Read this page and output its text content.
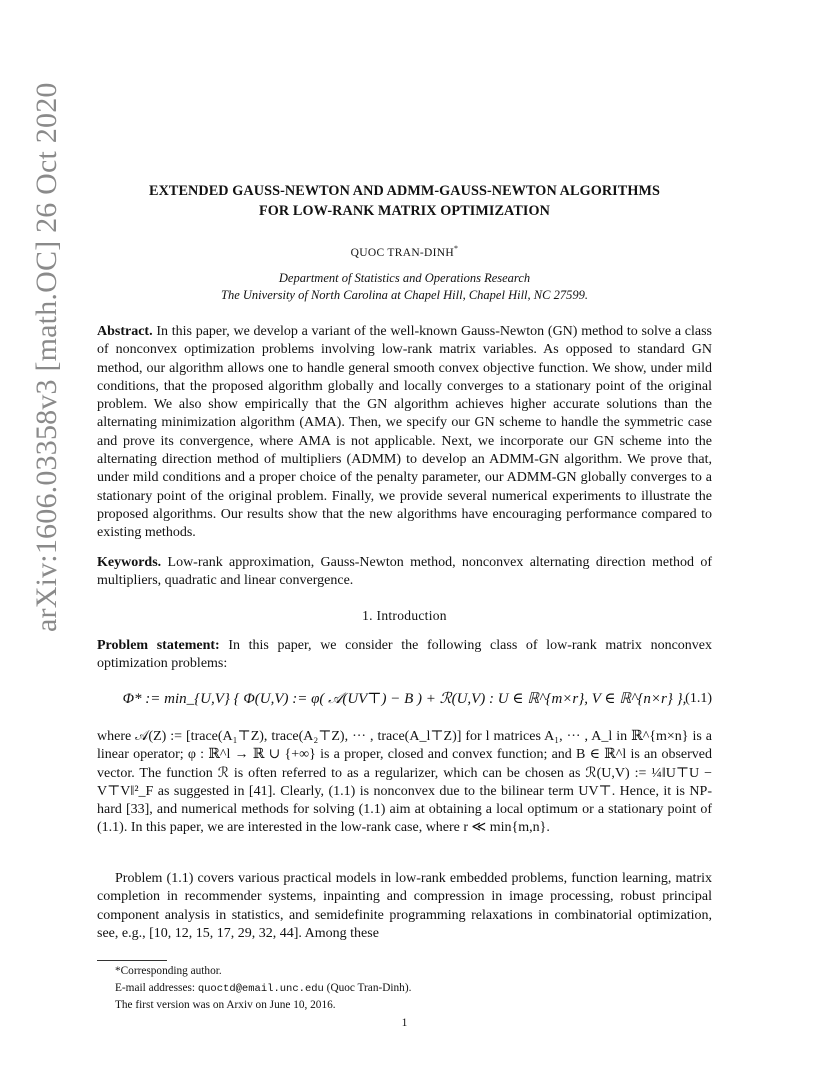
arXiv:1606.03358v3 [math.OC] 26 Oct 2020	EXTENDED GAUSS-NEWTON AND ADMM-GAUSS-NEWTON ALGORITHMS
FOR LOW-RANK MATRIX OPTIMIZATION
QUOC TRAN-DINH*
Department of Statistics and Operations Research
The University of North Carolina at Chapel Hill, Chapel Hill, NC 27599.

Abstract. In this paper, we develop a variant of the well-known Gauss-Newton (GN) method to solve a class of nonconvex optimization problems involving low-rank matrix variables. As opposed to standard GN method, our algorithm allows one to handle general smooth convex objective function. We show, under mild conditions, that the proposed algorithm globally and locally converges to a stationary point of the original problem. We also show empirically that the GN algorithm achieves higher accurate solutions than the alternating minimization algorithm (AMA). Then, we specify our GN scheme to handle the symmetric case and prove its convergence, where AMA is not applicable. Next, we incorporate our GN scheme into the alternating direction method of multipliers (ADMM) to develop an ADMM-GN algorithm. We prove that, under mild conditions and a proper choice of the penalty parameter, our ADMM-GN globally converges to a stationary point of the original problem. Finally, we provide several numerical experiments to illustrate the proposed algorithms. Our results show that the new algorithms have encouraging performance compared to existing methods.

Keywords. Low-rank approximation, Gauss-Newton method, nonconvex alternating direction method of multipliers, quadratic and linear convergence.

1. Introduction

Problem statement: In this paper, we consider the following class of low-rank matrix nonconvex optimization problems:

Φ* := min_{U,V} { Φ(U,V) := φ( 𝒜(UV⊤) − B ) + ℛ(U,V) : U ∈ ℝ^{m×r}, V ∈ ℝ^{n×r} },
(1.1)

where 𝒜(Z) := [trace(A₁⊤Z), trace(A₂⊤Z), ··· , trace(A_l⊤Z)] for l matrices A₁, ··· , A_l in ℝ^{m×n} is a linear operator; φ : ℝ^l → ℝ ∪ {+∞} is a proper, closed and convex function; and B ∈ ℝ^l is an observed vector. The function ℛ is often referred to as a regularizer, which can be chosen as ℛ(U,V) := ¼‖U⊤U − V⊤V‖²_F as suggested in [41]. Clearly, (1.1) is nonconvex due to the bilinear term UV⊤. Hence, it is NP-hard [33], and numerical methods for solving (1.1) aim at obtaining a local optimum or a stationary point of (1.1). In this paper, we are interested in the low-rank case, where r ≪ min{m,n}.

Problem (1.1) covers various practical models in low-rank embedded problems, function learning, matrix completion in recommender systems, inpainting and compression in image processing, robust principal component analysis in statistics, and semidefinite programming relaxations in combinatorial optimization, see, e.g., [10, 12, 15, 17, 29, 32, 44]. Among these

*Corresponding author.

E-mail addresses: quoctd@email.unc.edu (Quoc Tran-Dinh).

The first version was on Arxiv on June 10, 2016.

1
